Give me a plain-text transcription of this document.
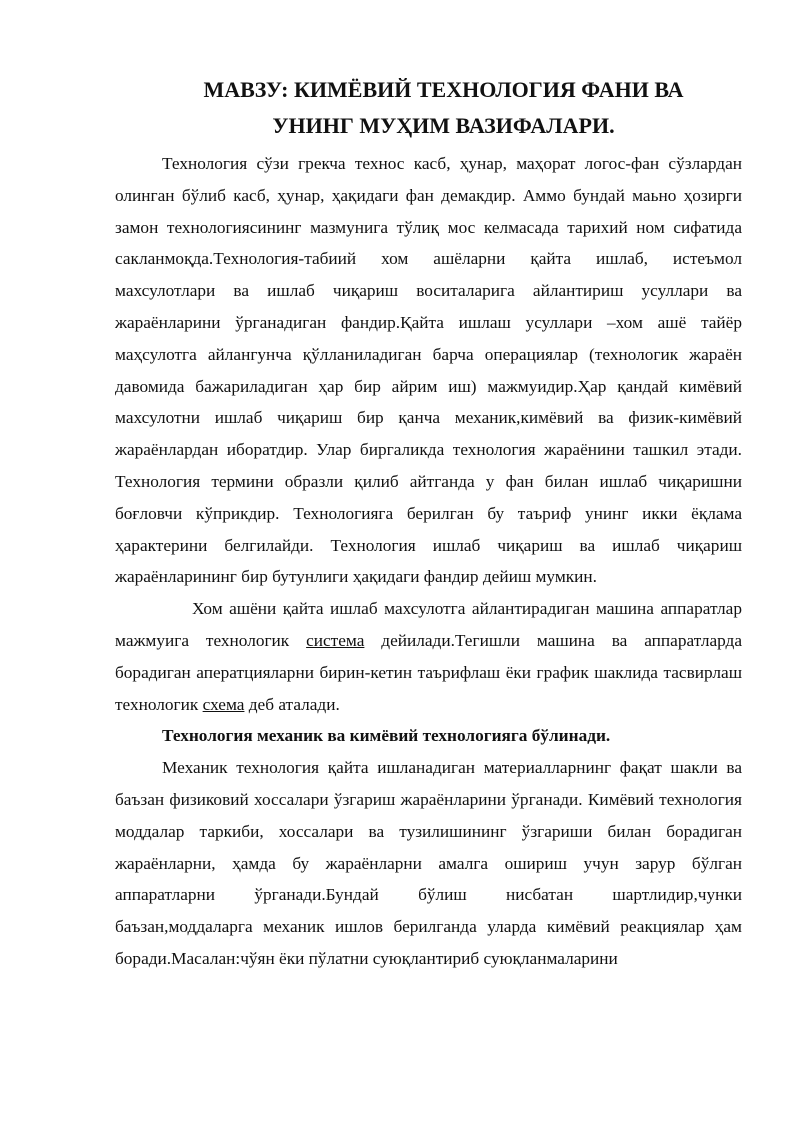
МАВЗУ: КИМЁВИЙ ТЕХНОЛОГИЯ ФАНИ ВА
УНИНГ МУҲИМ ВАЗИФАЛАРИ.

Технология сўзи грекча технос касб, ҳунар, маҳорат логос-фан сўзлардан олинган бўлиб касб, ҳунар, ҳақидаги фан демакдир. Аммо бундай маьно ҳозирги замон технологиясининг мазмунига тўлиқ мос келмасада тарихий ном сифатида сакланмоқда.Технология-табиий хом ашёларни қайта ишлаб, истеъмол махсулотлари ва ишлаб чиқариш воситаларига айлантириш усуллари ва жараёнларини ўрганадиган фандир.Қайта ишлаш усуллари –хом ашё тайёр маҳсулотга айлангунча қўлланиладиган барча операциялар (технологик жараён давомида бажариладиган ҳар бир айрим иш) мажмуидир.Ҳар қандай кимёвий махсулотни ишлаб чиқариш бир қанча механик,кимёвий ва физик-кимёвий жараёнлардан иборатдир. Улар биргаликда технология жараёнини ташкил этади. Технология термини образли қилиб айтганда у фан билан ишлаб чиқаришни боғловчи кўприкдир. Технологияга берилган бу таъриф унинг икки ёқлама ҳарактерини белгилайди. Технология ишлаб чиқариш ва ишлаб чиқариш жараёнларининг бир бутунлиги ҳақидаги фандир дейиш мумкин.

Хом ашёни қайта ишлаб махсулотга айлантирадиган машина аппаратлар мажмуига технологик система дейилади.Тегишли машина ва аппаратларда борадиган аператцияларни бирин-кетин таърифлаш ёки график шаклида тасвирлаш технологик схема деб аталади.

Технология механик ва кимёвий технологияга бўлинади.

Механик технология қайта ишланадиган материалларнинг фақат шакли ва баъзан физиковий хоссалари ўзгариш жараёнларини ўрганади. Кимёвий технология моддалар таркиби, хоссалари ва тузилишининг ўзгариши билан борадиган жараёнларни, ҳамда бу жараёнларни амалга ошириш учун зарур бўлган аппаратларни ўрганади.Бундай бўлиш нисбатан шартлидир,чунки баъзан,моддаларга механик ишлов берилганда уларда кимёвий реакциялар ҳам боради.Масалан:чўян ёки пўлатни суюқлантириб суюқланмаларини
